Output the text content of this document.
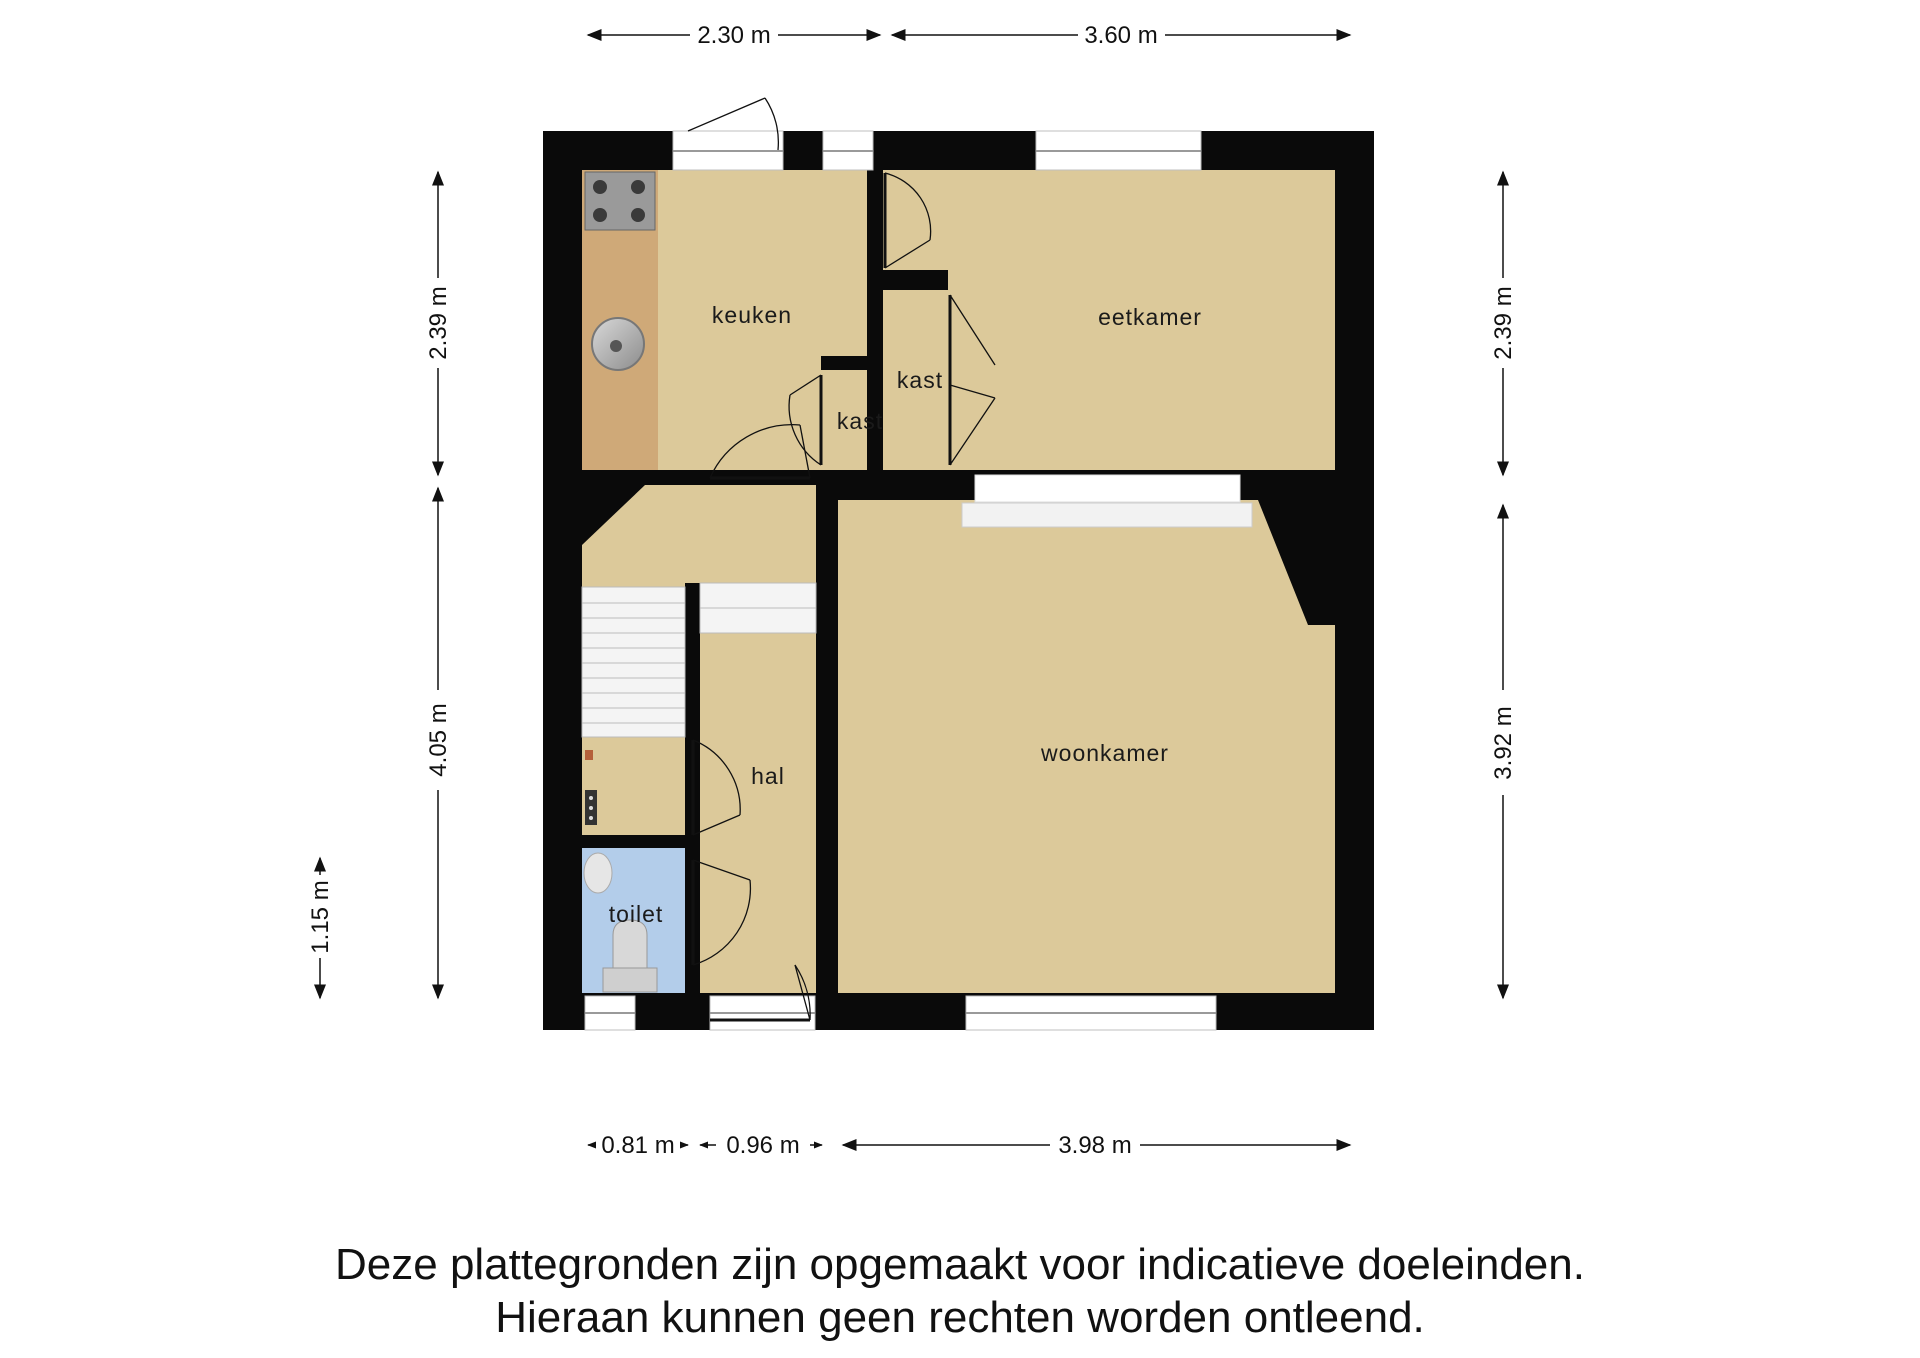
keuken	eetkamer
kast
kast
hal
woonkamer
toilet
2.30 m	3.60 m
2.39 m
4.05 m
1.15 m
2.39 m
3.92 m
0.81 m 0.96 m	3.98 m
Deze plattegronden zijn opgemaakt voor indicatieve doeleinden.
Hieraan kunnen geen rechten worden ontleend.
